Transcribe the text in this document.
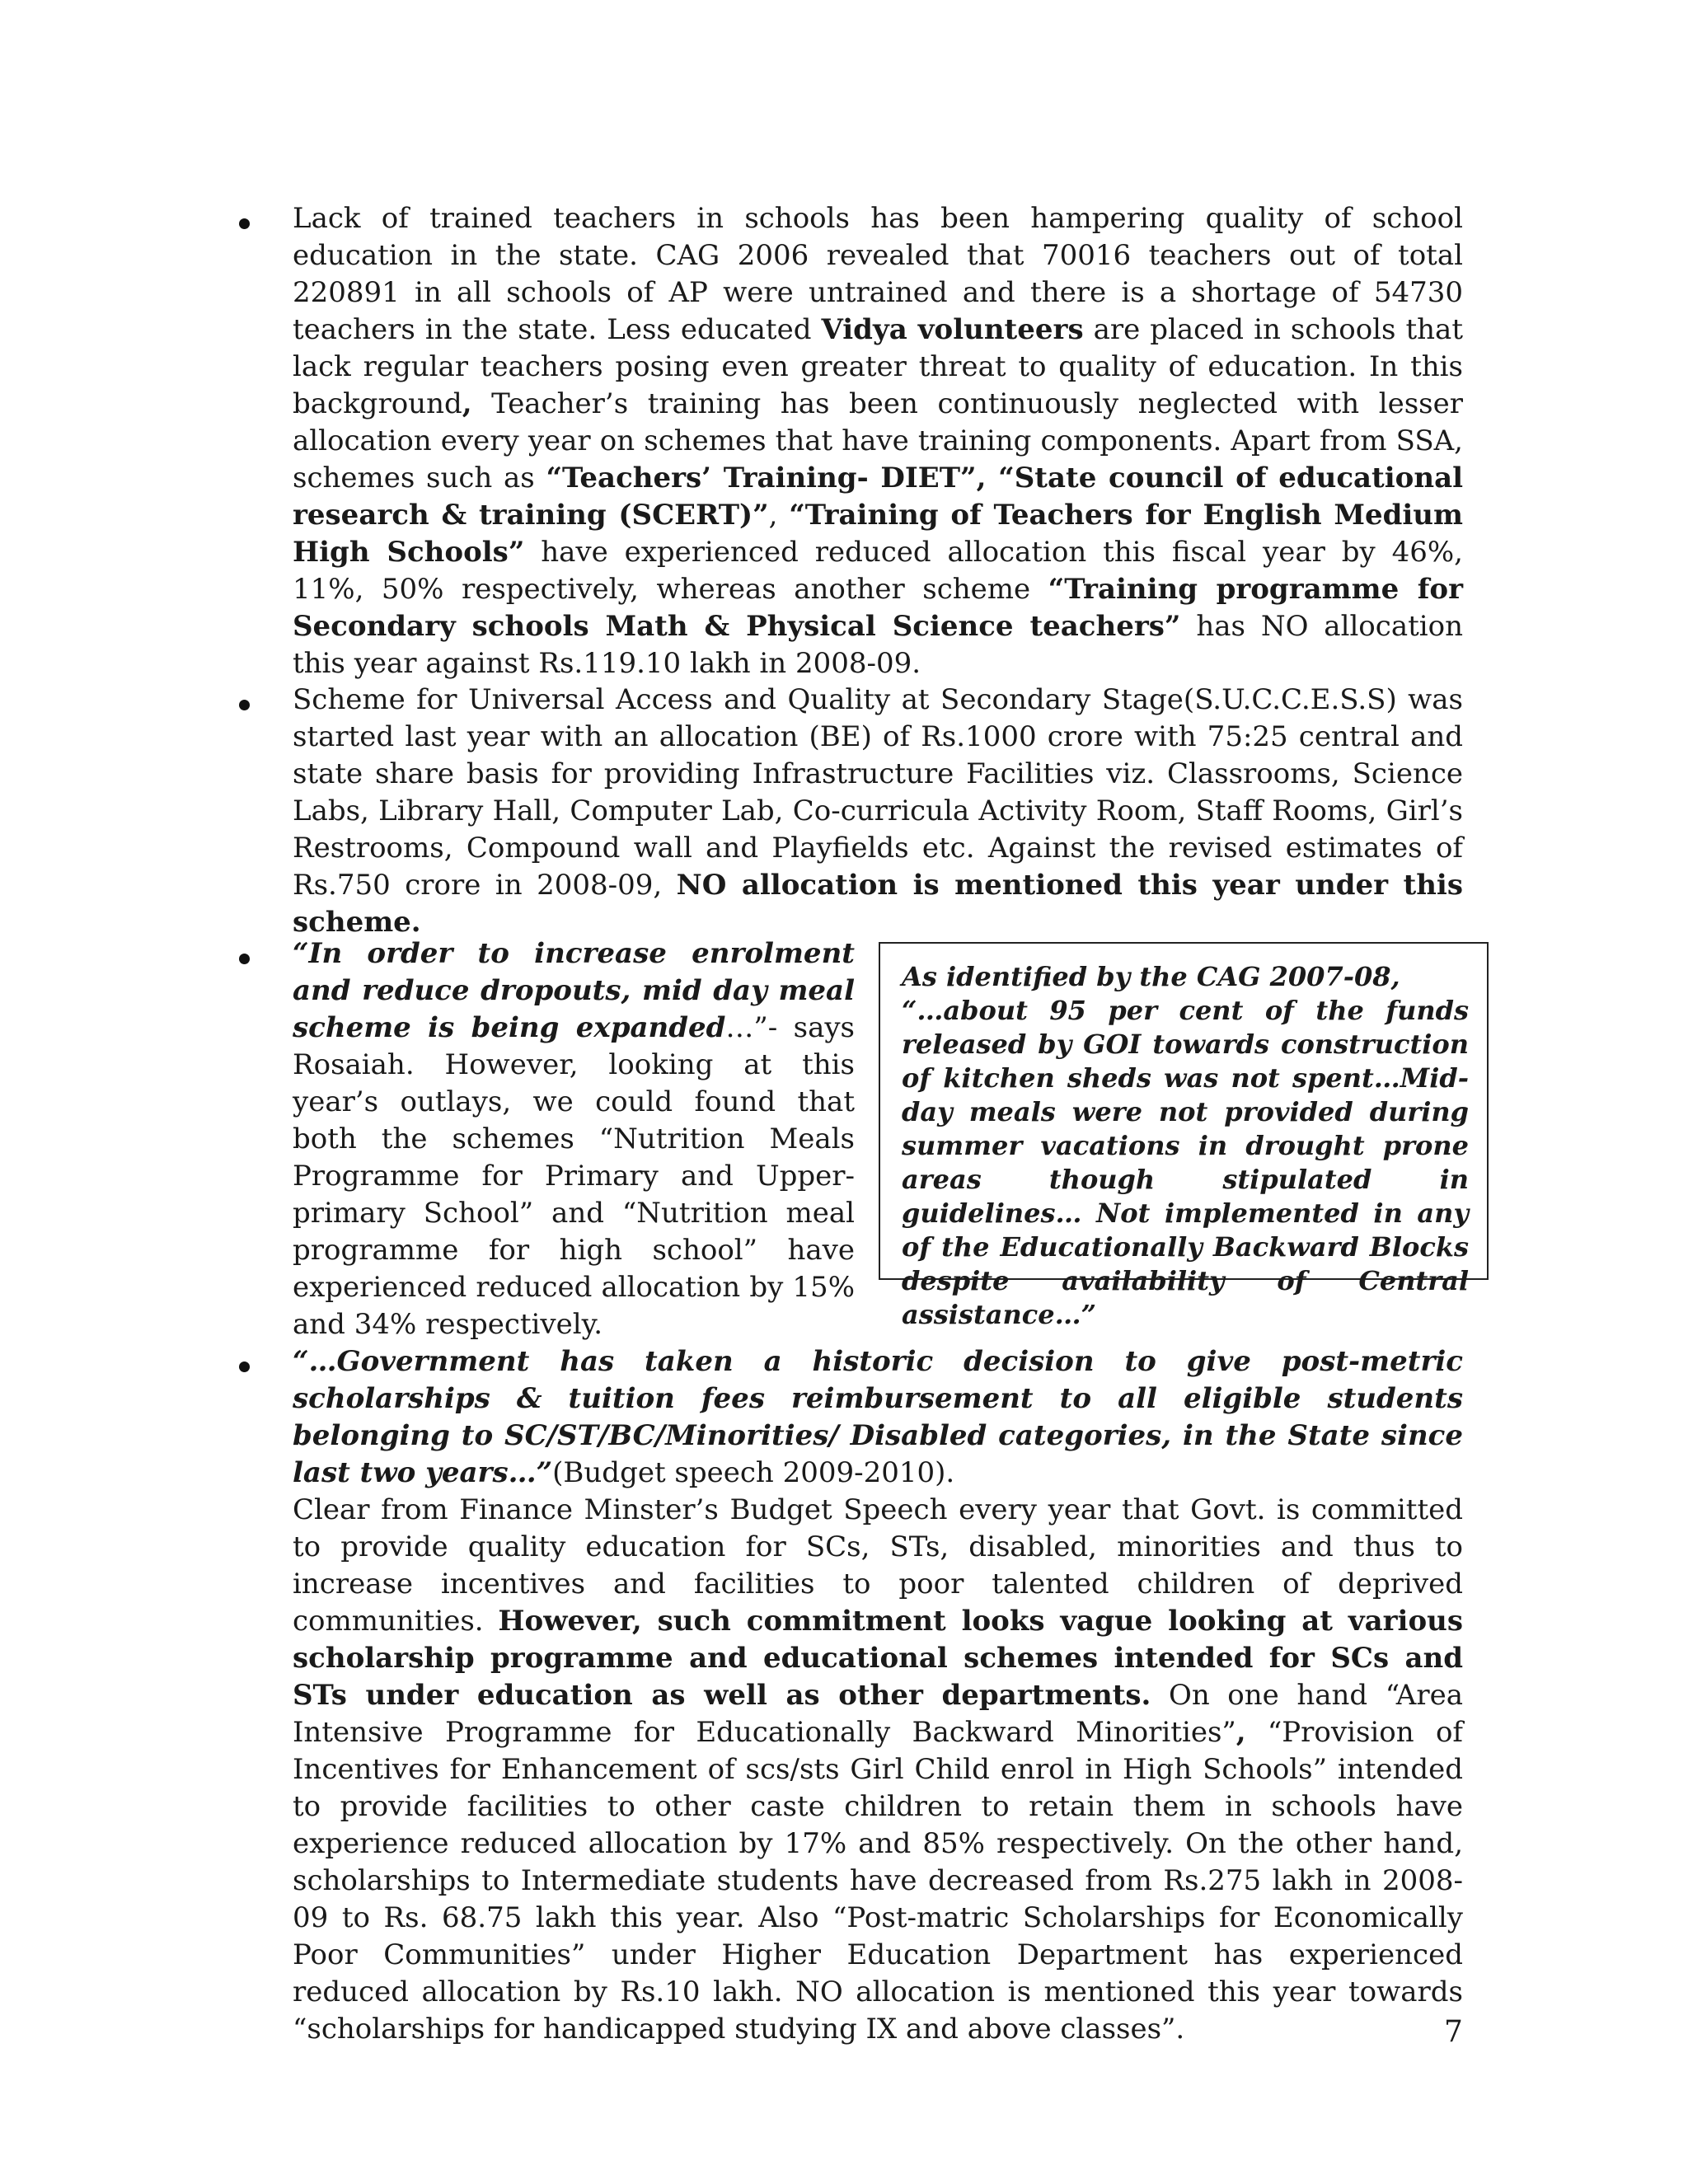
Lack of trained teachers in schools has been hampering quality of school education in the state. CAG 2006 revealed that 70016 teachers out of total 220891 in all schools of AP were untrained and there is a shortage of 54730 teachers in the state. Less educated Vidya volunteers are placed in schools that lack regular teachers posing even greater threat to quality of education. In this background, Teacher’s training has been continuously neglected with lesser allocation every year on schemes that have training components. Apart from SSA, schemes such as “Teachers’ Training- DIET”, “State council of educational research & training (SCERT)”, “Training of Teachers for English Medium High Schools” have experienced reduced allocation this fiscal year by 46%, 11%, 50% respectively, whereas another scheme “Training programme for Secondary schools Math & Physical Science teachers” has NO allocation this year against Rs.119.10 lakh in 2008-09.
Scheme for Universal Access and Quality at Secondary Stage(S.U.C.C.E.S.S) was started last year with an allocation (BE) of Rs.1000 crore with 75:25 central and state share basis for providing Infrastructure Facilities viz. Classrooms, Science Labs, Library Hall, Computer Lab, Co-curricula Activity Room, Staff Rooms, Girl’s Restrooms, Compound wall and Playfields etc. Against the revised estimates of Rs.750 crore in 2008-09, NO allocation is mentioned this year under this scheme.
“In order to increase enrolment and reduce dropouts, mid day meal scheme is being expanded…”- says Rosaiah. However, looking at this year’s outlays, we could found that both the schemes “Nutrition Meals Programme for Primary and Upper-primary School” and “Nutrition meal programme for high school” have experienced reduced allocation by 15% and 34% respectively.
As identified by the CAG 2007-08,
“…about 95 per cent of the funds released by GOI towards construction of kitchen sheds was not spent…Mid-day meals were not provided during summer vacations in drought prone areas though stipulated in guidelines… Not implemented in any of the Educationally Backward Blocks despite availability of Central assistance…”
“…Government has taken a historic decision to give post-metric scholarships & tuition fees reimbursement to all eligible students belonging to SC/ST/BC/Minorities/ Disabled categories, in the State since last two years…”(Budget speech 2009-2010).
Clear from Finance Minster’s Budget Speech every year that Govt. is committed to provide quality education for SCs, STs, disabled, minorities and thus to increase incentives and facilities to poor talented children of deprived communities. However, such commitment looks vague looking at various scholarship programme and educational schemes intended for SCs and STs under education as well as other departments. On one hand “Area Intensive Programme for Educationally Backward Minorities”, “Provision of Incentives for Enhancement of scs/sts Girl Child enrol in High Schools” intended to provide facilities to other caste children to retain them in schools have experience reduced allocation by 17% and 85% respectively. On the other hand, scholarships to Intermediate students have decreased from Rs.275 lakh in 2008-09 to Rs. 68.75 lakh this year. Also “Post-matric Scholarships for Economically Poor Communities” under Higher Education Department has experienced reduced allocation by Rs.10 lakh. NO allocation is mentioned this year towards “scholarships for handicapped studying IX and above classes”.	7
